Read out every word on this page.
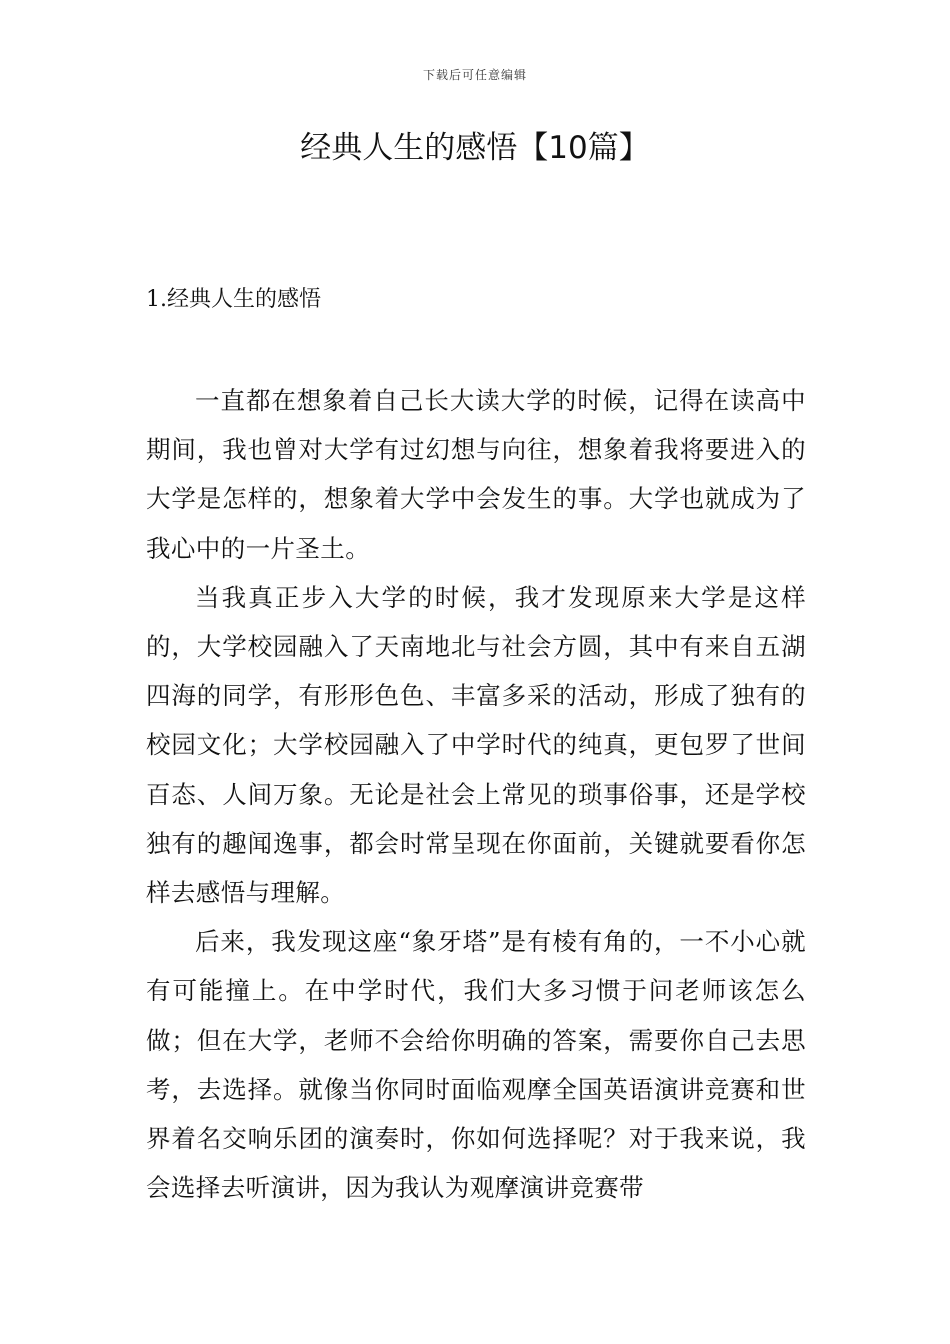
下载后可任意编辑
经典人生的感悟【10篇】
1.经典人生的感悟

一直都在想象着自己长大读大学的时候，记得在读高中期间，我也曾对大学有过幻想与向往，想象着我将要进入的大学是怎样的，想象着大学中会发生的事。大学也就成为了我心中的一片圣土。

当我真正步入大学的时候，我才发现原来大学是这样的，大学校园融入了天南地北与社会方圆，其中有来自五湖四海的同学，有形形色色、丰富多采的活动，形成了独有的校园文化；大学校园融入了中学时代的纯真，更包罗了世间百态、人间万象。无论是社会上常见的琐事俗事，还是学校独有的趣闻逸事，都会时常呈现在你面前，关键就要看你怎样去感悟与理解。

后来，我发现这座“象牙塔”是有棱有角的，一不小心就有可能撞上。在中学时代，我们大多习惯于问老师该怎么做；但在大学，老师不会给你明确的答案，需要你自己去思考，去选择。就像当你同时面临观摩全国英语演讲竞赛和世界着名交响乐团的演奏时，你如何选择呢？对于我来说，我会选择去听演讲，因为我认为观摩演讲竞赛带
